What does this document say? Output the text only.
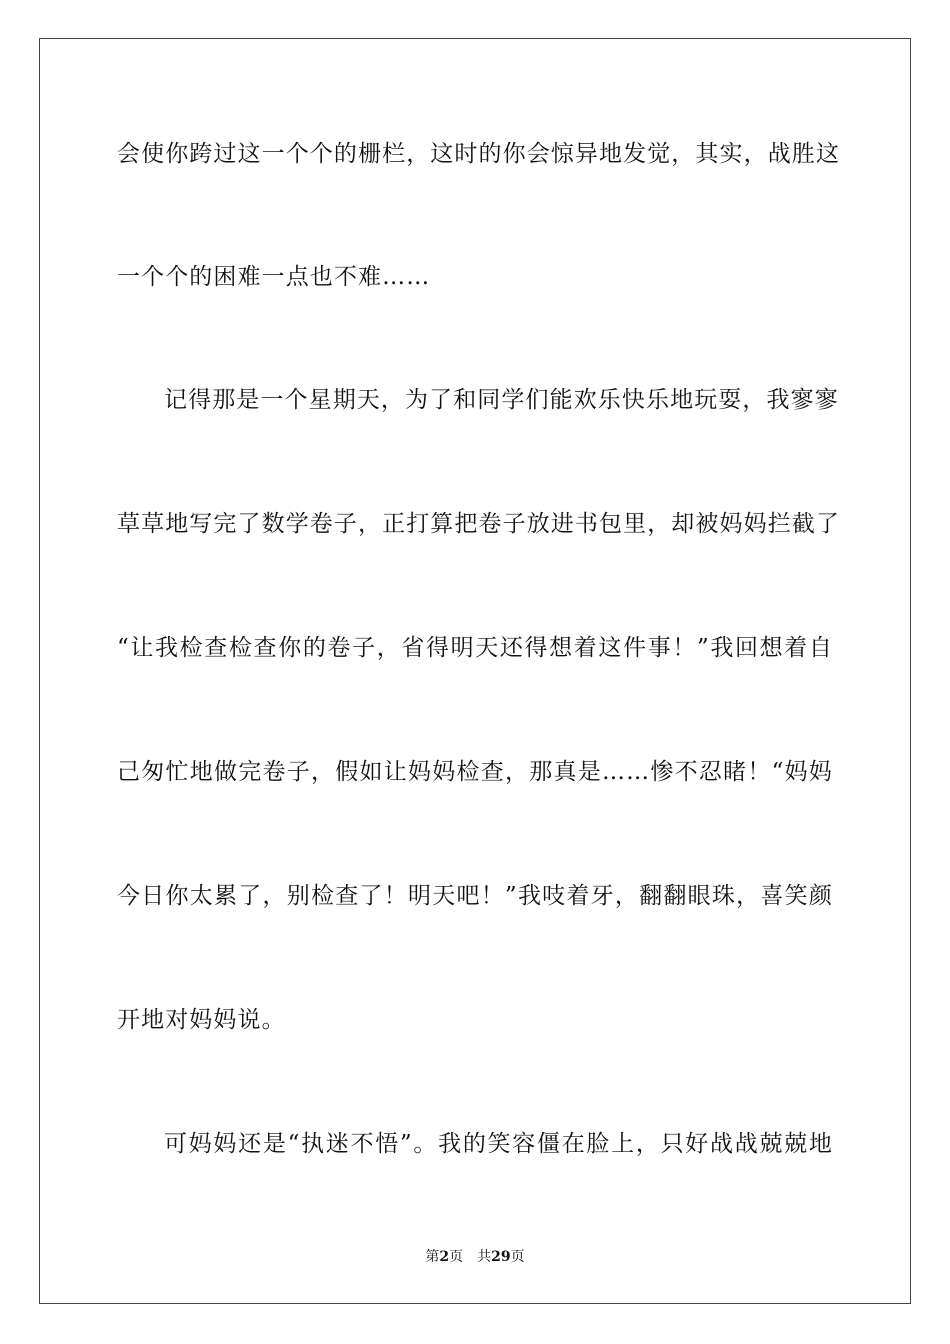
会使你跨过这一个个的栅栏，这时的你会惊异地发觉，其实，战胜这
一个个的困难一点也不难……
记得那是一个星期天，为了和同学们能欢乐快乐地玩耍，我寥寥
草草地写完了数学卷子，正打算把卷子放进书包里，却被妈妈拦截了
“让我检查检查你的卷子，省得明天还得想着这件事！”我回想着自
己匆忙地做完卷子，假如让妈妈检查，那真是……惨不忍睹！“妈妈
今日你太累了，别检查了！明天吧！”我吱着牙，翻翻眼珠，喜笑颜
开地对妈妈说。
可妈妈还是“执迷不悟”。我的笑容僵在脸上，只好战战兢兢地
第2页 共29页
